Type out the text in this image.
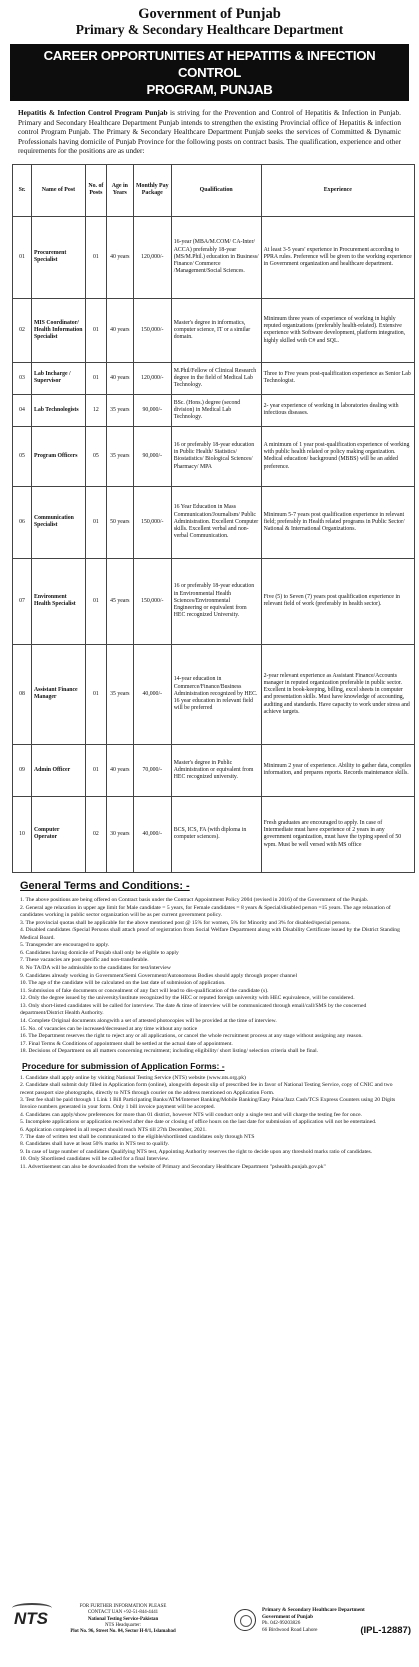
Government of Punjab
Primary & Secondary Healthcare Department
CAREER OPPORTUNITIES AT HEPATITIS & INFECTION CONTROL
PROGRAM, PUNJAB

Hepatitis & Infection Control Program Punjab is striving for the Prevention and Control of Hepatitis & Infection in Punjab. Primary and Secondary Healthcare Department Punjab intends to strengthen the existing Provincial office of Hepatitis & infection control Program Punjab. The Primary & Secondary Healthcare Department Punjab seeks the services of Committed & Dynamic Professionals having domicile of Punjab Province for the following posts on contract basis. The qualification, experience and other requirements for the positions are as under:

Sr.	Name of Post	No. of Posts	Age in Years	Monthly Pay Package	Qualification	Experience
01	Procurement Specialist	01	40 years	120,000/-	16-year (MBA/M.COM/ CA-Inter/ ACCA) preferably 18-year (MS/M.Phil.) education in Business/ Finance/ Commerce /Management/Social Sciences.	At least 3-5 years' experience in Procurement according to PPRA rules. Preference will be given to the working experience in Government organization and healthcare department.
02	MIS Coordinator/ Health Information Specialist	01	40 years	150,000/-	Master's degree in informatics, computer science, IT or a similar domain.	Minimum three years of experience of working in highly reputed organizations (preferably health-related). Extensive experience with Software development, platform integration, highly skilled with C# and SQL.
03	Lab Incharge / Supervisor	01	40 years	120,000/-	M.Phil/Fellow of Clinical Research degree in the field of Medical Lab Technology.	Three to Five years post-qualification experience as Senior Lab Technologist.
04	Lab Technologists	12	35 years	90,000/-	BSc. (Hons.) degree (second division) in Medical Lab Technology.	2- year experience of working in laboratories dealing with infectious diseases.
05	Program Officers	05	35 years	90,000/-	16 or preferably 18-year education in Public Health/ Statistics/ Biostatistics/ Biological Sciences/ Pharmacy/ MPA	A minimum of 1 year post-qualification experience of working with public health related or policy making organization. Medical education/ background (MBBS) will be an added preference.
06	Communication Specialist	01	50 years	150,000/-	16 Year Education in Mass Communication/Journalism/ Public Administration. Excellent Computer skills. Excellent verbal and non-verbal Communication.	Minimum 5-7 years post qualification experience in relevant field; preferably in Health related programs in Public Sector/ National & International Organizations.
07	Environment Health Specialist	01	45 years	150,000/-	16 or preferably 18-year education in Environmental Health Sciences/Environmental Engineering or equivalent from HEC recognized University.	Five (5) to Seven (7) years post qualification experience in relevant field of work (preferably in health sector).
08	Assistant Finance Manager	01	35 years	40,000/-	14-year education in Commerce/Finance/Business Administration recognized by HEC. 16 year education in relevant field will be preferred	2-year relevant experience as Assistant Finance/Accounts manager in reputed organization preferable in public sector. Excellent in book-keeping, billing, excel sheets in computer and presentation skills. Must have knowledge of accounting, auditing and standards. Have capacity to work under stress and achieve targets.
09	Admin Officer	01	40 years	70,000/-	Master's degree in Public Administration or equivalent from HEC recognized university.	Minimum 2 year of experience. Ability to gather data, compiles information, and prepares reports. Records maintenance skills.
10	Computer Operator	02	30 years	40,000/-	BCS, ICS, FA (with diploma in computer sciences).	Fresh graduates are encouraged to apply. In case of Intermediate must have experience of 2 years in any government organization, must have the typing speed of 50 wpm. Must be well versed with MS office
General Terms and Conditions: -
1. The above positions are being offered on Contract basis under the Contract Appointment Policy 2004 (revised in 2016) of the Government of the Punjab.
2. General age relaxation in upper age limit for Male candidate = 5 years, for Female candidates = 8 years & Special/disabled person =15 years. The age relaxation of candidates working in public sector organization will be as per current government policy.
3. The provincial quotas shall be applicable for the above mentioned post @ 15% for women, 5% for Minority and 3% for disabled/special persons.
4. Disabled candidates /Special Persons shall attach proof of registration from Social Welfare Department along with Disability Certificate issued by the District Standing Medical Board.
5. Transgender are encouraged to apply.
6. Candidates having domicile of Punjab shall only be eligible to apply
7. These vacancies are post specific and non-transferable.
8. No TA/DA will be admissible to the candidates for test/interview
9. Candidates already working in Government/Semi Government/Autonomous Bodies should apply through proper channel
10. The age of the candidate will be calculated on the last date of submission of application.
11. Submission of fake documents or concealment of any fact will lead to dis-qualification of the candidate (s).
12. Only the degree issued by the university/institute recognized by the HEC or reputed foreign university with HEC equivalence, will be considered.
13. Only short-listed candidates will be called for interview. The date & time of interview will be communicated through email/call/SMS by the concerned department/District Health Authority.
14. Complete Original documents alongwith a set of attested photocopies will be provided at the time of interview.
15. No. of vacancies can be increased/decreased at any time without any notice
16. The Department reserves the right to reject any or all applications, or cancel the whole recruitment process at any stage without assigning any reason.
17. Final Terms & Conditions of appointment shall be settled at the actual date of appointment.
18. Decisions of Department on all matters concerning recruitment; including eligibility/ short listing/ selection criteria shall be final.
Procedure for submission of Application Forms: -
1. Candidate shall apply online by visiting National Testing Service (NTS) website (www.nts.org.pk)
2. Candidate shall submit duly filled in Application form (online), alongwith deposit slip of prescribed fee in favor of National Testing Service, copy of CNIC and two recent passport size photographs, directly to NTS through courier on the address mentioned on Application Form.
3. Test fee shall be paid through 1 Link 1 Bill Participating Banks/ATM/Internet Banking/Mobile Banking/Easy Paisa/Jazz Cash/TCS Express Counters using 20 Digits Invoice numbers generated in your form. Only 1 bill invoice payment will be accepted.
4. Candidates can apply/show preferences for more than 01 district, however NTS will conduct only a single test and will charge the testing fee for once.
5. Incomplete applications or application received after due date or closing of office hours on the last date for submission of application will not be entertained.
6. Application completed in all respect should reach NTS till 27th December, 2021.
7. The date of written test shall be communicated to the eligible/shortlisted candidates only through NTS
8. Candidates shall have at least 50% marks in NTS test to qualify.
9. In case of large number of candidates Qualifying NTS test, Appointing Authority reserves the right to decide upon any threshold marks ratio of candidates.
10. Only Shortlisted candidates will be called for a final Interview.
11. Advertisement can also be downloaded from the website of Primary and Secondary Healthcare Department "pshealth.punjab.gov.pk"
NTS
FOR FURTHER INFORMATION PLEASE
CONTACT UAN +92-51-844-4441
National Testing Service-Pakistan
NTS Headquarter:
Plot No. 96, Street No. 04, Sector H-8/1, Islamabad
Primary & Secondary Healthcare Department
Government of Punjab
Ph. 042-99203826
66 Birdwood Road Lahore	(IPL-12887)
